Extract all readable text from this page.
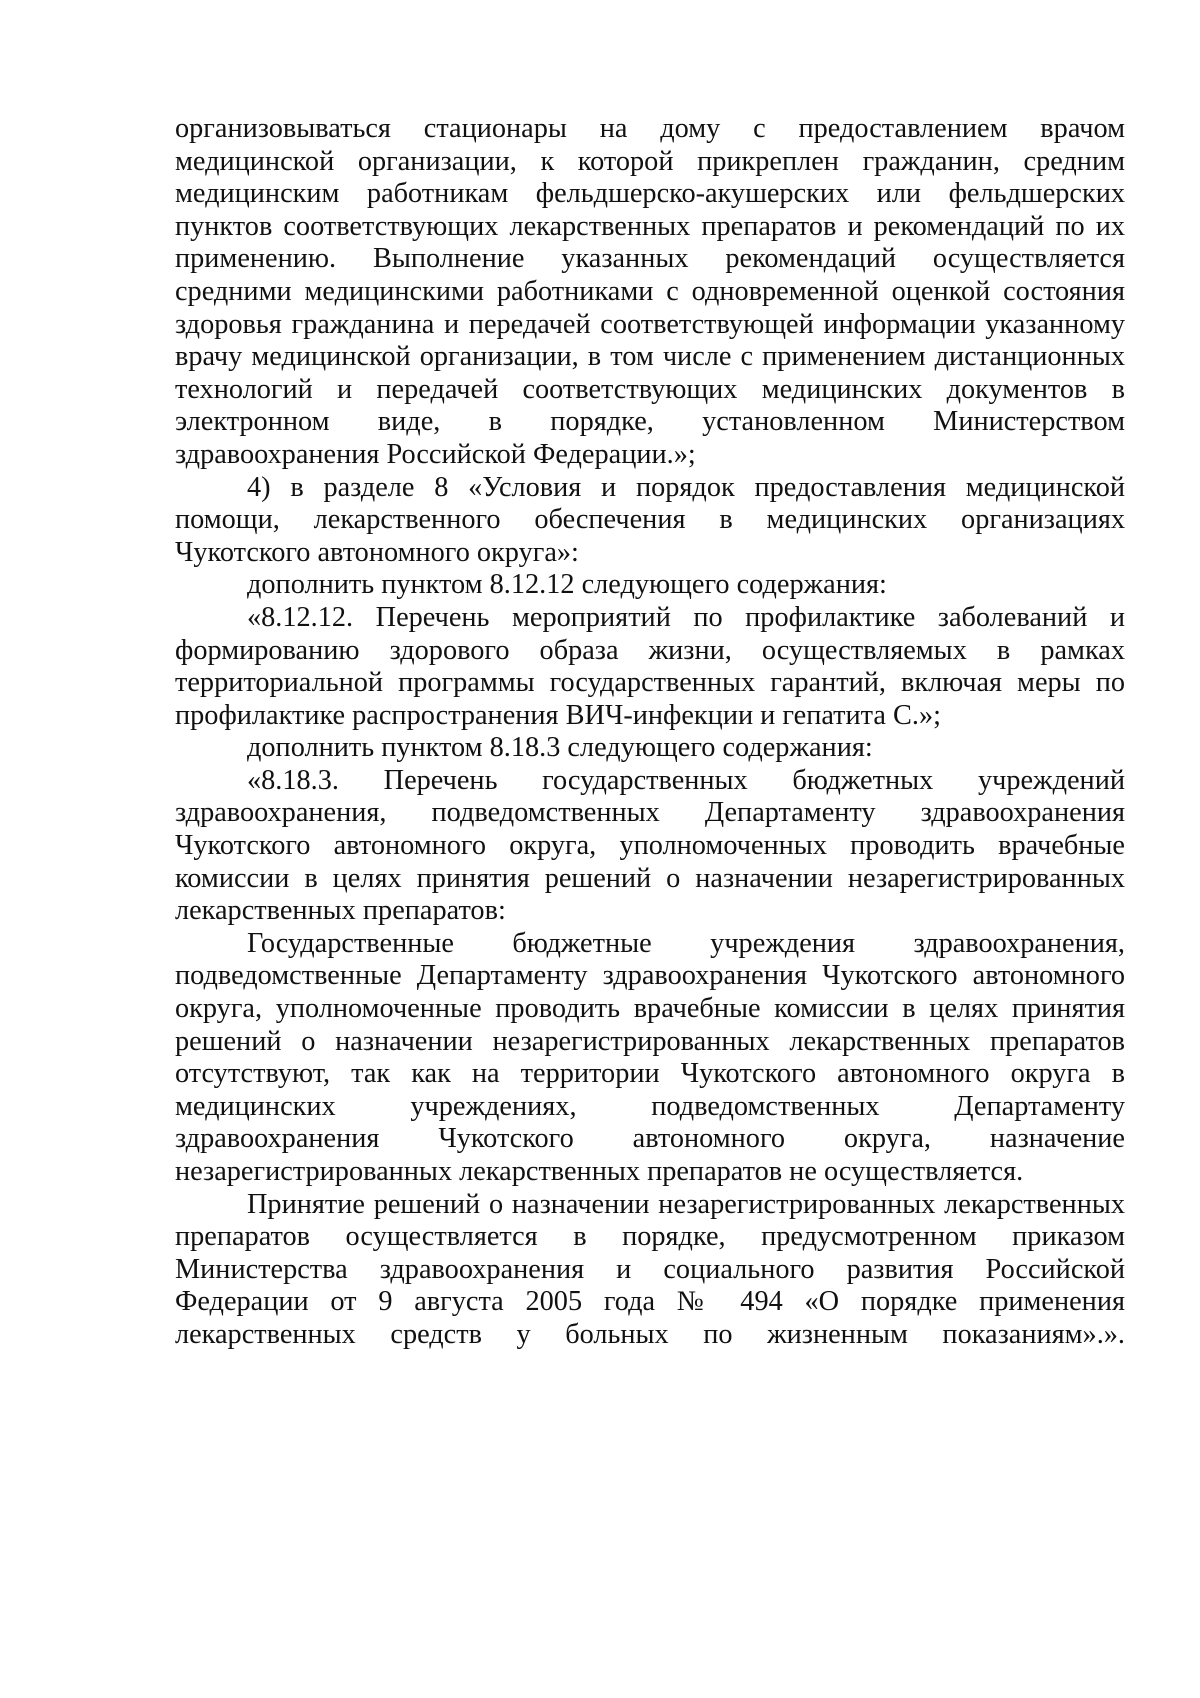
организовываться стационары на дому с предоставлением врачом медицинской организации, к которой прикреплен гражданин, средним медицинским работникам фельдшерско-акушерских или фельдшерских пунктов соответствующих лекарственных препаратов и рекомендаций по их применению. Выполнение указанных рекомендаций осуществляется средними медицинскими работниками с одновременной оценкой состояния здоровья гражданина и передачей соответствующей информации указанному врачу медицинской организации, в том числе с применением дистанционных технологий и передачей соответствующих медицинских документов в электронном виде, в порядке, установленном Министерством здравоохранения Российской Федерации.»;

4) в разделе 8 «Условия и порядок предоставления медицинской помощи, лекарственного обеспечения в медицинских организациях Чукотского автономного округа»:

дополнить пунктом 8.12.12 следующего содержания:

«8.12.12. Перечень мероприятий по профилактике заболеваний и формированию здорового образа жизни, осуществляемых в рамках территориальной программы государственных гарантий, включая меры по профилактике распространения ВИЧ-инфекции и гепатита С.»;

дополнить пунктом 8.18.3 следующего содержания:

«8.18.3. Перечень государственных бюджетных учреждений здравоохранения, подведомственных Департаменту здравоохранения Чукотского автономного округа, уполномоченных проводить врачебные комиссии в целях принятия решений о назначении незарегистрированных лекарственных препаратов:

Государственные бюджетные учреждения здравоохранения, подведомственные Департаменту здравоохранения Чукотского автономного округа, уполномоченные проводить врачебные комиссии в целях принятия решений о назначении незарегистрированных лекарственных препаратов отсутствуют, так как на территории Чукотского автономного округа в медицинских учреждениях, подведомственных Департаменту здравоохранения Чукотского автономного округа, назначение незарегистрированных лекарственных препаратов не осуществляется.

Принятие решений о назначении незарегистрированных лекарственных препаратов осуществляется в порядке, предусмотренном приказом Министерства здравоохранения и социального развития Российской Федерации от 9 августа 2005 года № 494 «О порядке применения лекарственных средств у больных по жизненным показаниям».».
